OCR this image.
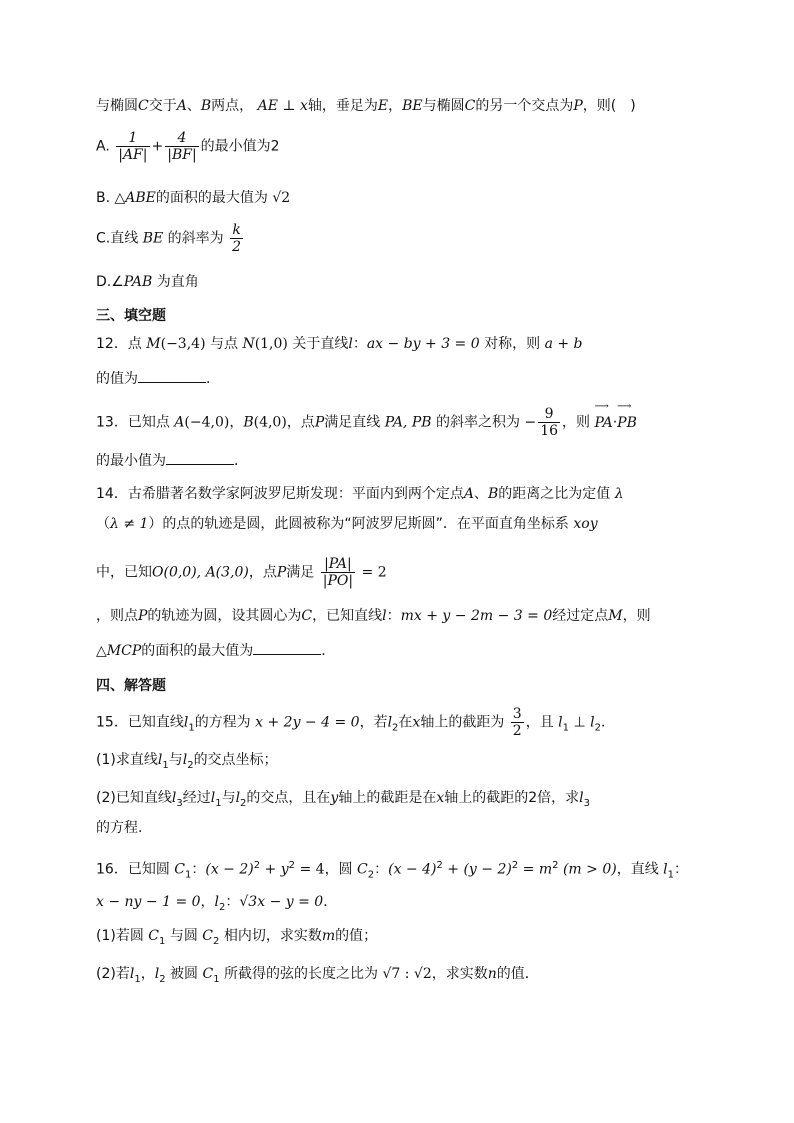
与椭圆C交于A、B两点， AE ⊥ x轴，垂足为E，BE与椭圆C的另一个交点为P，则(　)
A. $\frac{1}{|AF|} + \frac{4}{|BF|}$ 的最小值为2
B. △ABE的面积的最大值为 √2
C.直线 BE 的斜率为 $\frac{k}{2}$
D.∠PAB 为直角
三、填空题
12．点 M(−3,4) 与点 N(1,0) 关于直线l：ax − by + 3 = 0 对称，则 a + b
的值为	．
13．已知点 A(−4,0)，B(4,0)，点P满足直线 PA, PB 的斜率之积为 − $\frac{9}{16}$ ，则 ⟶ PA·⟶ PB
的最小值为	．
14．古希腊著名数学家阿波罗尼斯发现：平面内到两个定点A、B的距离之比为定值 λ
（λ ≠ 1）的点的轨迹是圆，此圆被称为“阿波罗尼斯圆”．在平面直角坐标系 xoy
中，已知O(0,0), A(3,0)，点P满足 $\frac{|PA|}{|PO|} = 2$
，则点P的轨迹为圆，设其圆心为C，已知直线l：mx + y − 2m − 3 = 0经过定点M，则
△MCP的面积的最大值为	．
四、解答题
15．已知直线$l_1$的方程为 x + 2y − 4 = 0，若$l_2$在x轴上的截距为 $\frac{3}{2}$ ，且 $l_1$ ⊥ $l_2$．
(1)求直线$l_1$与$l_2$的交点坐标；
(2)已知直线$l_3$经过$l_1$与$l_2$的交点，且在y轴上的截距是在x轴上的截距的2倍，求$l_3$
的方程.
16．已知圆 $C_1$：$(x - 2)^2 + y^2 = 4$，圆 $C_2$：$(x - 4)^2 + (y - 2)^2 = m^2$ (m > 0)，直线 $l_1$：
x − ny − 1 = 0，$l_2$：√3x − y = 0．
(1)若圆 $C_1$ 与圆 $C_2$ 相内切，求实数m的值；
(2)若$l_1$，$l_2$ 被圆 $C_1$ 所截得的弦的长度之比为 √7 : √2，求实数n的值．
